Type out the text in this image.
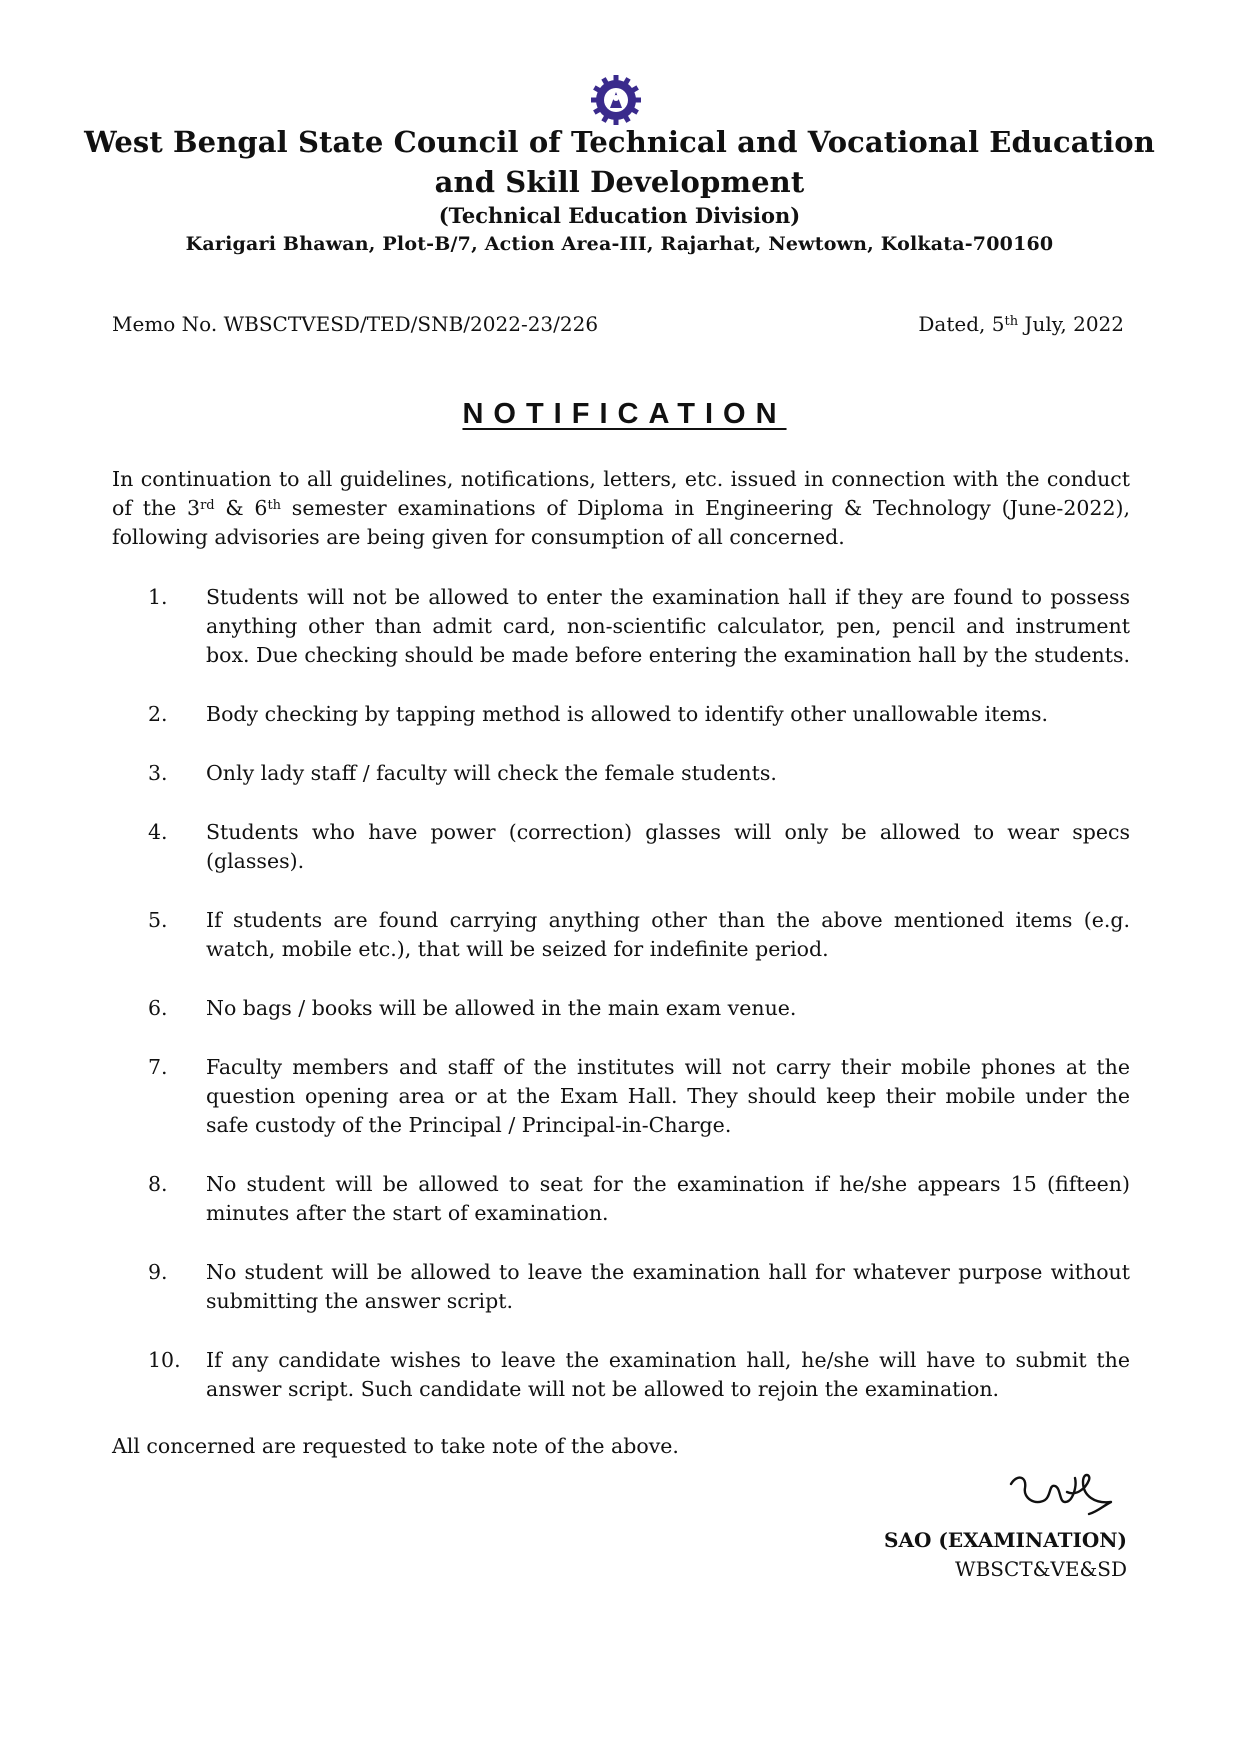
West Bengal State Council of Technical and Vocational Education
and Skill Development
(Technical Education Division)
Karigari Bhawan, Plot-B/7, Action Area-III, Rajarhat, Newtown, Kolkata-700160
Memo No. WBSCTVESD/TED/SNB/2022-23/226	Dated, 5th July, 2022
NOTIFICATION
In continuation to all guidelines, notifications, letters, etc. issued in connection with the conduct of the 3rd & 6th semester examinations of Diploma in Engineering & Technology (June-2022), following advisories are being given for consumption of all concerned.
1.	Students will not be allowed to enter the examination hall if they are found to possess anything other than admit card, non-scientific calculator, pen, pencil and instrument box. Due checking should be made before entering the examination hall by the students.
2.	Body checking by tapping method is allowed to identify other unallowable items.
3.	Only lady staff / faculty will check the female students.
4.	Students who have power (correction) glasses will only be allowed to wear specs (glasses).
5.	If students are found carrying anything other than the above mentioned items (e.g. watch, mobile etc.), that will be seized for indefinite period.
6.	No bags / books will be allowed in the main exam venue.
7.	Faculty members and staff of the institutes will not carry their mobile phones at the question opening area or at the Exam Hall. They should keep their mobile under the safe custody of the Principal / Principal-in-Charge.
8.	No student will be allowed to seat for the examination if he/she appears 15 (fifteen) minutes after the start of examination.
9.	No student will be allowed to leave the examination hall for whatever purpose without submitting the answer script.
10.	If any candidate wishes to leave the examination hall, he/she will have to submit the answer script. Such candidate will not be allowed to rejoin the examination.
All concerned are requested to take note of the above.
SAO (EXAMINATION)
WBSCT&VE&SD
